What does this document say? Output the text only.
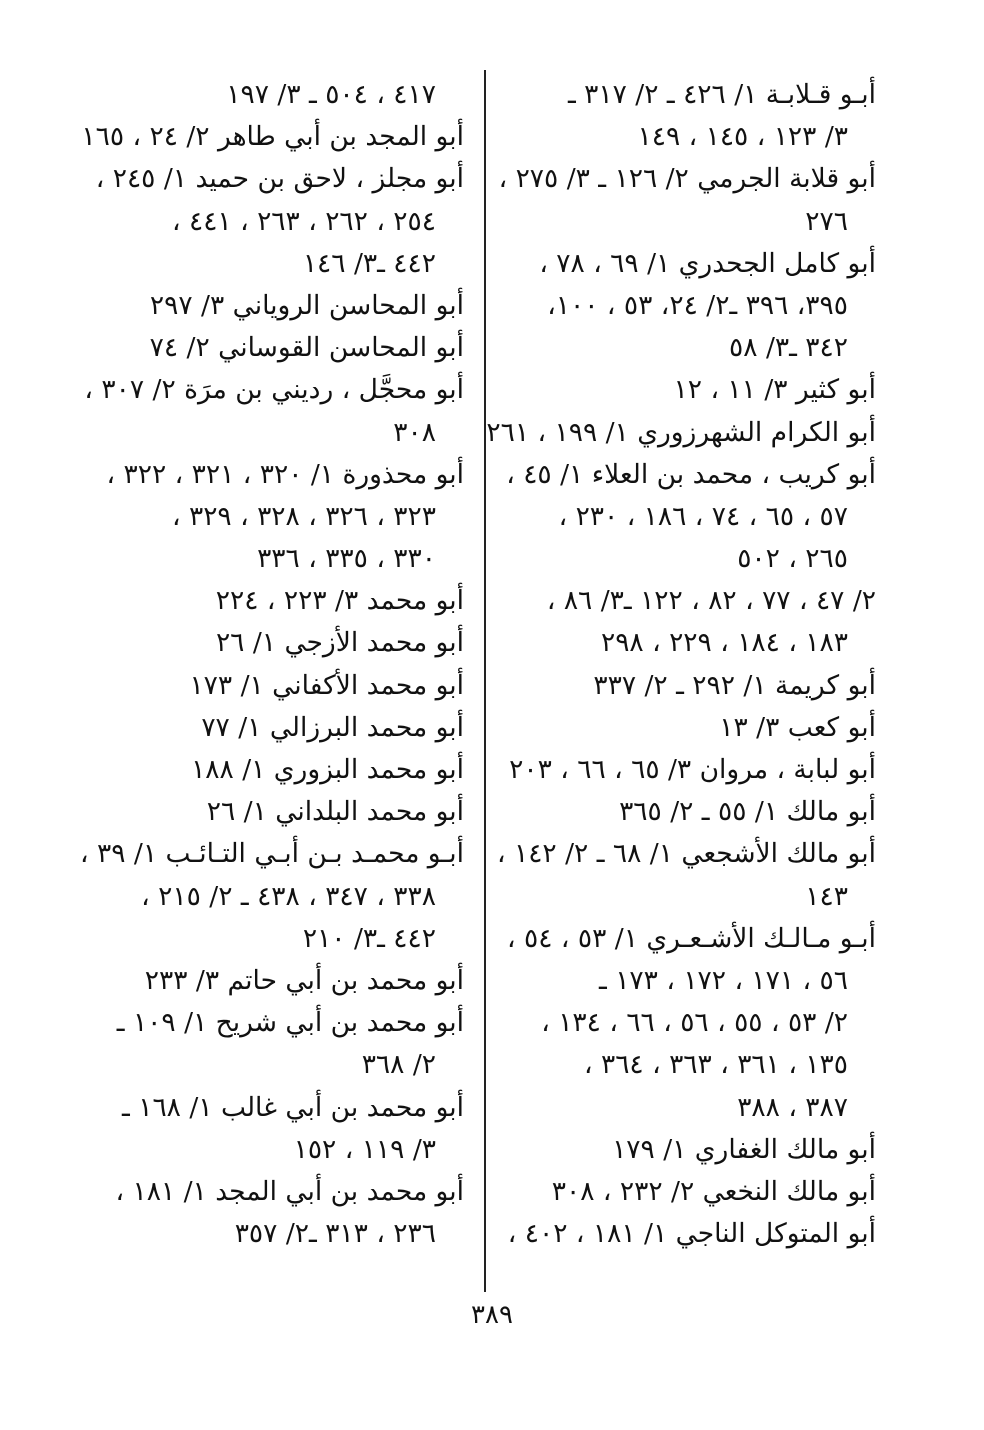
أبـو قـلابـة ١/ ٤٢٦ ـ ٢/ ٣١٧ ـ
٣/ ١٢٣ ، ١٤٥ ، ١٤٩
أبو قلابة الجرمي ٢/ ١٢٦ ـ ٣/ ٢٧٥ ،
٢٧٦
أبو كامل الجحدري ١/ ٦٩ ، ٧٨ ،
٣٩٥، ٣٩٦ ـ٢/ ٢٤، ٥٣ ، ١٠٠،
٣٤٢ ـ٣/ ٥٨
أبو كثير ٣/ ١١ ، ١٢
أبو الكرام الشهرزوري ١/ ١٩٩ ، ٢٦١
أبو كريب ، محمد بن العلاء ١/ ٤٥ ،
٥٧ ، ٦٥ ، ٧٤ ، ١٨٦ ، ٢٣٠ ،
٢٦٥ ، ٥٠٢
٢/ ٤٧ ، ٧٧ ، ٨٢ ، ١٢٢ ـ٣/ ٨٦ ،
١٨٣ ، ١٨٤ ، ٢٢٩ ، ٢٩٨
أبو كريمة ١/ ٢٩٢ ـ ٢/ ٣٣٧
أبو كعب ٣/ ١٣
أبو لبابة ، مروان ٣/ ٦٥ ، ٦٦ ، ٢٠٣
أبو مالك ١/ ٥٥ ـ ٢/ ٣٦٥
أبو مالك الأشجعي ١/ ٦٨ ـ ٢/ ١٤٢ ،
١٤٣
أبـو مـالـك الأشـعـري ١/ ٥٣ ، ٥٤ ،
٥٦ ، ١٧١ ، ١٧٢ ، ١٧٣ ـ
٢/ ٥٣ ، ٥٥ ، ٥٦ ، ٦٦ ، ١٣٤ ،
١٣٥ ، ٣٦١ ، ٣٦٣ ، ٣٦٤ ،
٣٨٧ ، ٣٨٨
أبو مالك الغفاري ١/ ١٧٩
أبو مالك النخعي ٢/ ٢٣٢ ، ٣٠٨
أبو المتوكل الناجي ١/ ١٨١ ، ٤٠٢ ،
٤١٧ ، ٥٠٤ ـ ٣/ ١٩٧
أبو المجد بن أبي طاهر ٢/ ٢٤ ، ١٦٥
أبو مجلز ، لاحق بن حميد ١/ ٢٤٥ ،
٢٥٤ ، ٢٦٢ ، ٢٦٣ ، ٤٤١ ،
٤٤٢ ـ٣/ ١٤٦
أبو المحاسن الروياني ٣/ ٢٩٧
أبو المحاسن القوساني ٢/ ٧٤
أبو محجَّل ، رديني بن مرَة ٢/ ٣٠٧ ،
٣٠٨
أبو محذورة ١/ ٣٢٠ ، ٣٢١ ، ٣٢٢ ،
٣٢٣ ، ٣٢٦ ، ٣٢٨ ، ٣٢٩ ،
٣٣٠ ، ٣٣٥ ، ٣٣٦
أبو محمد ٣/ ٢٢٣ ، ٢٢٤
أبو محمد الأزجي ١/ ٢٦
أبو محمد الأكفاني ١/ ١٧٣
أبو محمد البرزالي ١/ ٧٧
أبو محمد البزوري ١/ ١٨٨
أبو محمد البلداني ١/ ٢٦
أبـو محمـد بـن أبـي التـائـب ١/ ٣٩ ،
٣٣٨ ، ٣٤٧ ، ٤٣٨ ـ ٢/ ٢١٥ ،
٤٤٢ ـ٣/ ٢١٠
أبو محمد بن أبي حاتم ٣/ ٢٣٣
أبو محمد بن أبي شريح ١/ ١٠٩ ـ
٢/ ٣٦٨
أبو محمد بن أبي غالب ١/ ١٦٨ ـ
٣/ ١١٩ ، ١٥٢
أبو محمد بن أبي المجد ١/ ١٨١ ،
٢٣٦ ، ٣١٣ ـ٢/ ٣٥٧
٣٨٩
